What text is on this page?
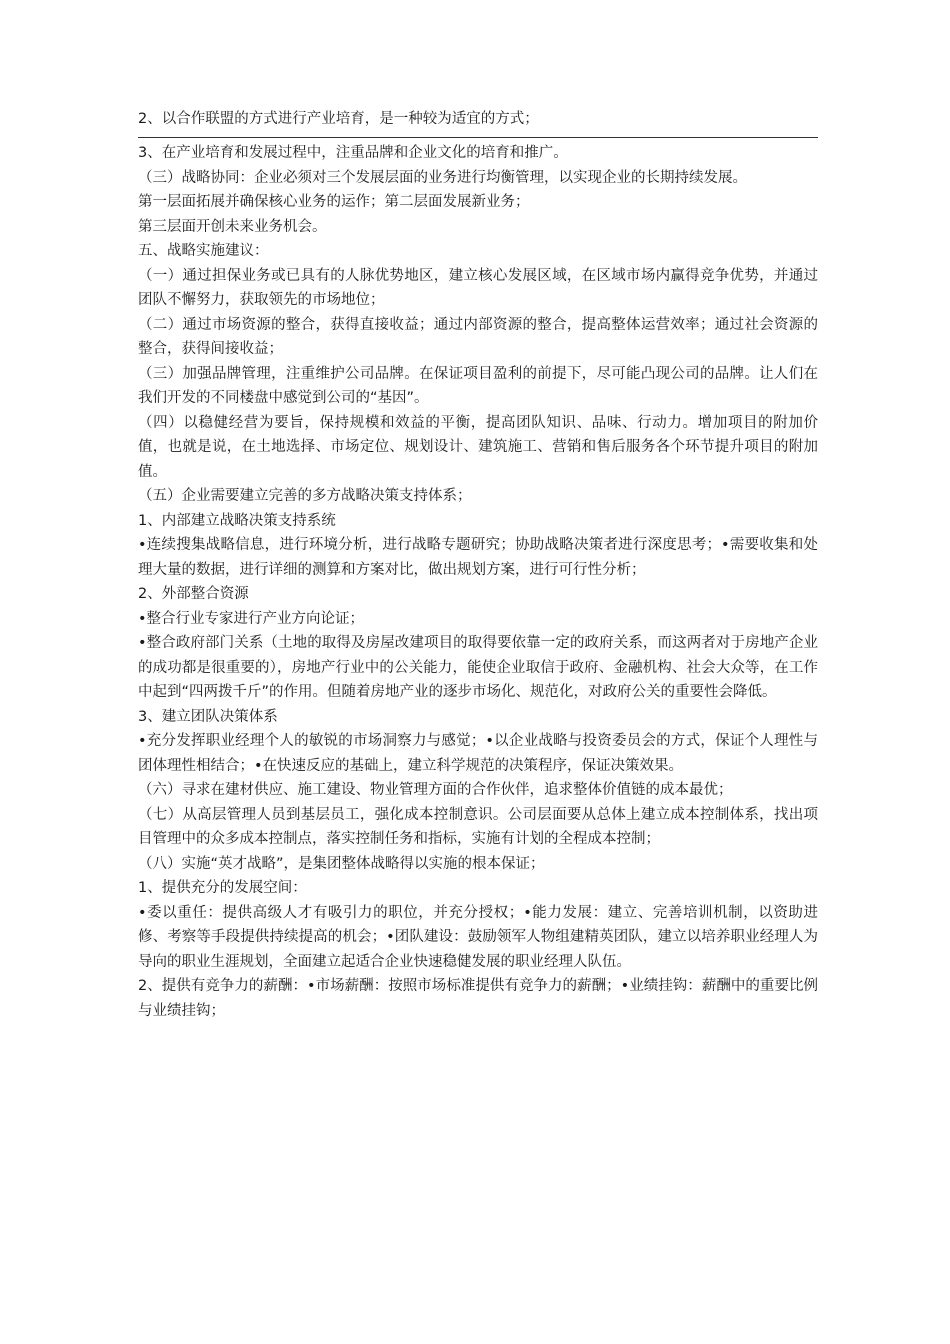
2、以合作联盟的方式进行产业培育，是一种较为适宜的方式；

3、在产业培育和发展过程中，注重品牌和企业文化的培育和推广。

（三）战略协同：企业必须对三个发展层面的业务进行均衡管理，以实现企业的长期持续发展。

第一层面拓展并确保核心业务的运作；第二层面发展新业务；

第三层面开创未来业务机会。

五、战略实施建议：

（一）通过担保业务或已具有的人脉优势地区，建立核心发展区域，在区域市场内赢得竞争优势，并通过团队不懈努力，获取领先的市场地位；

（二）通过市场资源的整合，获得直接收益；通过内部资源的整合，提高整体运营效率；通过社会资源的整合，获得间接收益；

（三）加强品牌管理，注重维护公司品牌。在保证项目盈利的前提下，尽可能凸现公司的品牌。让人们在我们开发的不同楼盘中感觉到公司的“基因”。

（四）以稳健经营为要旨，保持规模和效益的平衡，提高团队知识、品味、行动力。增加项目的附加价值，也就是说，在土地选择、市场定位、规划设计、建筑施工、营销和售后服务各个环节提升项目的附加值。

（五）企业需要建立完善的多方战略决策支持体系；

1、内部建立战略决策支持系统

•连续搜集战略信息，进行环境分析，进行战略专题研究；协助战略决策者进行深度思考；•需要收集和处理大量的数据，进行详细的测算和方案对比，做出规划方案，进行可行性分析；

2、外部整合资源

•整合行业专家进行产业方向论证；

•整合政府部门关系（土地的取得及房屋改建项目的取得要依靠一定的政府关系，而这两者对于房地产企业的成功都是很重要的），房地产行业中的公关能力，能使企业取信于政府、金融机构、社会大众等，在工作中起到“四两拨千斤”的作用。但随着房地产业的逐步市场化、规范化，对政府公关的重要性会降低。

3、建立团队决策体系

•充分发挥职业经理个人的敏锐的市场洞察力与感觉；•以企业战略与投资委员会的方式，保证个人理性与团体理性相结合；•在快速反应的基础上，建立科学规范的决策程序，保证决策效果。

（六）寻求在建材供应、施工建设、物业管理方面的合作伙伴，追求整体价值链的成本最优；

（七）从高层管理人员到基层员工，强化成本控制意识。公司层面要从总体上建立成本控制体系，找出项目管理中的众多成本控制点，落实控制任务和指标，实施有计划的全程成本控制；

（八）实施“英才战略”，是集团整体战略得以实施的根本保证；

1、提供充分的发展空间：

•委以重任：提供高级人才有吸引力的职位，并充分授权；•能力发展：建立、完善培训机制，以资助进修、考察等手段提供持续提高的机会；•团队建设：鼓励领军人物组建精英团队，建立以培养职业经理人为导向的职业生涯规划，全面建立起适合企业快速稳健发展的职业经理人队伍。

2、提供有竞争力的薪酬：•市场薪酬：按照市场标准提供有竞争力的薪酬；•业绩挂钩：薪酬中的重要比例与业绩挂钩；
